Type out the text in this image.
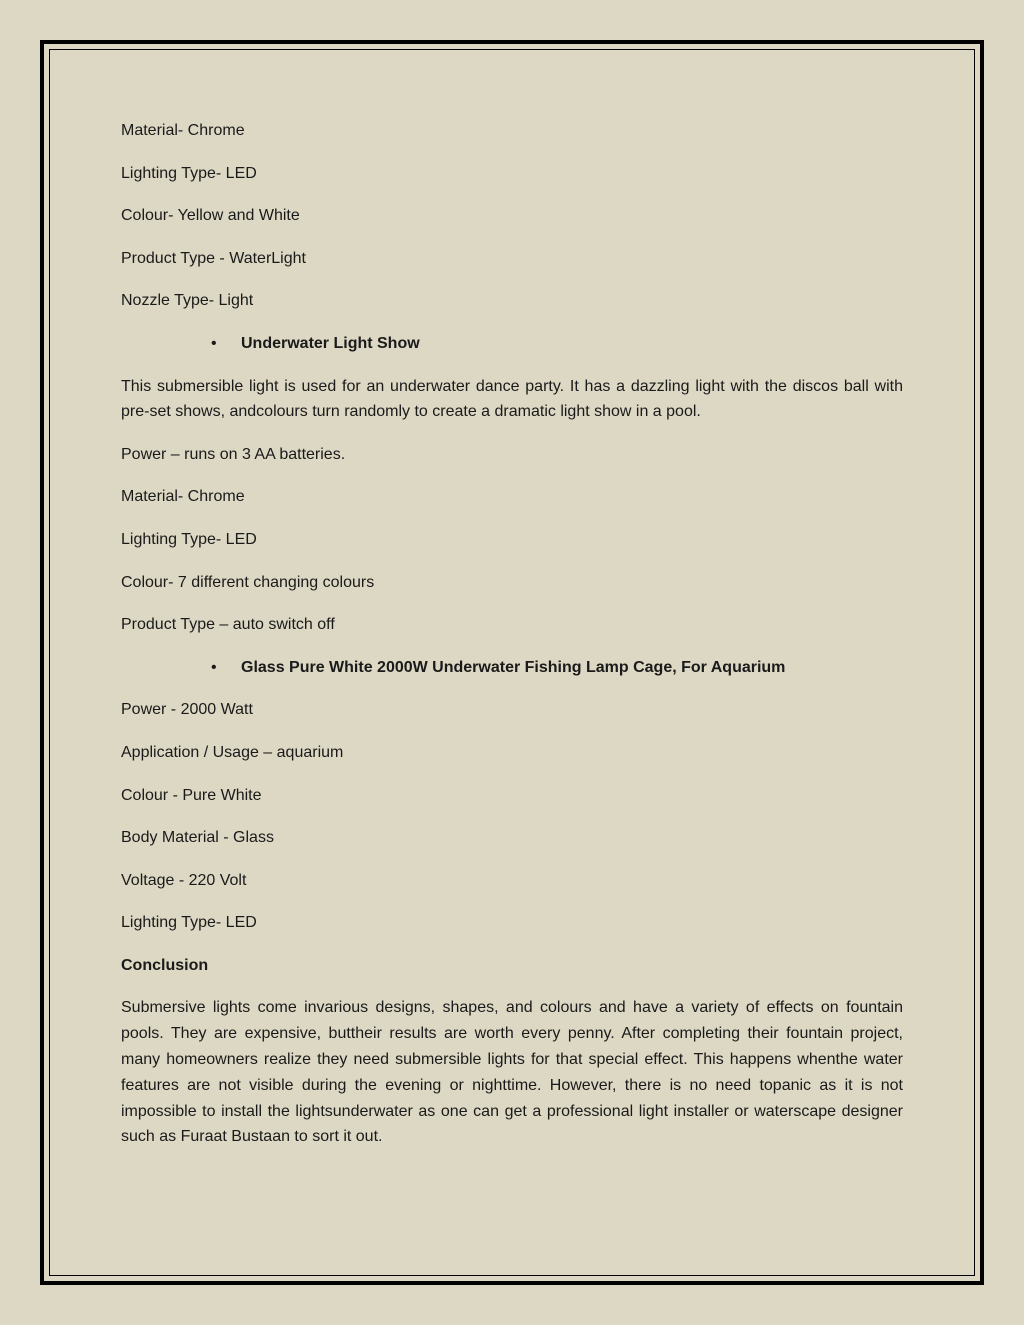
Material- Chrome
Lighting Type- LED
Colour- Yellow and White
Product Type - WaterLight
Nozzle Type- Light
• Underwater Light Show
This submersible light is used for an underwater dance party. It has a dazzling light with the discos ball with pre-set shows, andcolours turn randomly to create a dramatic light show in a pool.
Power – runs on 3 AA batteries.
Material- Chrome
Lighting Type- LED
Colour- 7 different changing colours
Product Type – auto switch off
• Glass Pure White 2000W Underwater Fishing Lamp Cage, For Aquarium
Power - 2000 Watt
Application / Usage – aquarium
Colour - Pure White
Body Material - Glass
Voltage - 220 Volt
Lighting Type- LED
Conclusion
Submersive lights come invarious designs, shapes, and colours and have a variety of effects on fountain pools. They are expensive, buttheir results are worth every penny. After completing their fountain project, many homeowners realize they need submersible lights for that special effect. This happens whenthe water features are not visible during the evening or nighttime. However, there is no need topanic as it is not impossible to install the lightsunderwater as one can get a professional light installer or waterscape designer such as Furaat Bustaan to sort it out.
